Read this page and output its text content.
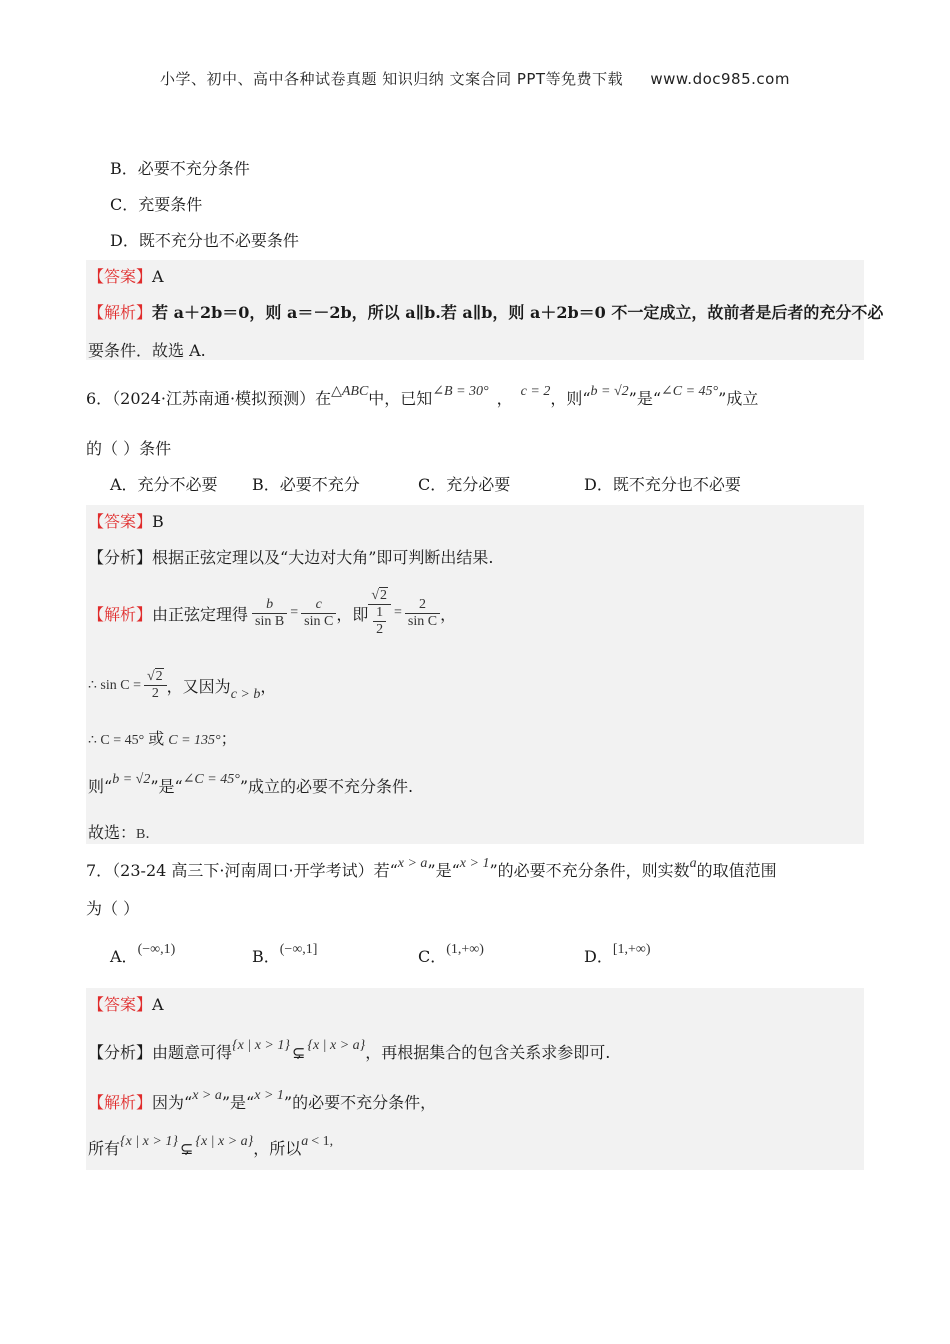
小学、初中、高中各种试卷真题 知识归纳 文案合同 PPT等免费下载 www.doc985.com
B．必要不充分条件
C．充要条件
D．既不充分也不必要条件
【答案】A
【解析】若 a＋2b＝0，则 a＝－2b，所以 a∥b.若 a∥b，则 a＋2b＝0 不一定成立，故前者是后者的充分不必
要条件．故选 A.
6．（2024·江苏南通·模拟预测）在△ABC中，已知∠B = 30° ， c = 2，则“b = √2”是“∠C = 45°”成立
的（ ）条件
A．充分不必要 B．必要不充分	C．充分必要	D．既不充分也不必要
【答案】B
【分析】根据正弦定理以及“大边对大角”即可判断出结果.
【解析】 由正弦定理得 $\frac{b}{\text{sin B}} = \frac{c}{\text{sin C}}$ ，即 $\frac{√2}{\frac{1}{2}} = \frac{2}{\text{sin C}}$ ，
∴ $\sin C = \frac{√2}{2}$ ，又因为 c > b ，
∴ C = 45° 或 C = 135°；
则“b = √2”是“∠C = 45°”成立的必要不充分条件.
故选：B．
7．（23-24 高三下·河南周口·开学考试）若“x > a”是“x > 1”的必要不充分条件，则实数a的取值范围
为（ ）
A．(−∞,1)	B．(−∞,1]	C．(1,+∞)	D．[1,+∞)
【答案】A
【分析】由题意可得{x | x > 1} ⊊ {x | x > a}，再根据集合的包含关系求参即可.
【解析】因为“x > a”是“x > 1”的必要不充分条件，
所有{x | x > 1} ⊊ {x | x > a}，所以a < 1,
